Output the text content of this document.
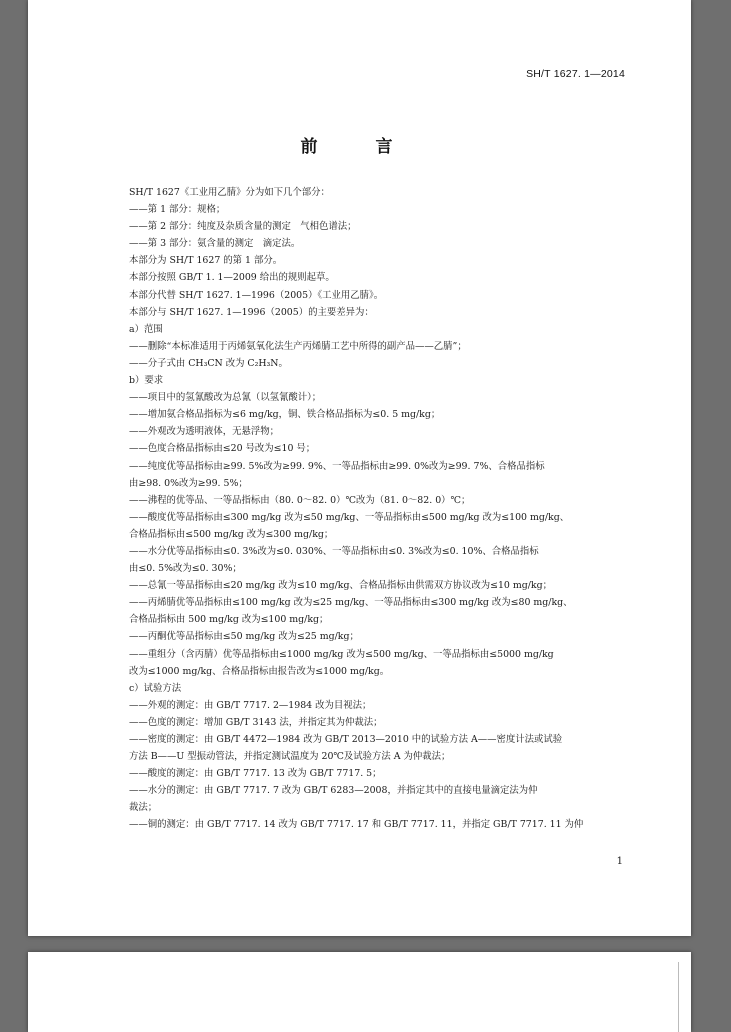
SH/T 1627. 1—2014
前 言
SH/T 1627《工业用乙腈》分为如下几个部分：
——第 1 部分：规格；
——第 2 部分：纯度及杂质含量的测定　气相色谱法；
——第 3 部分：氨含量的测定　滴定法。
本部分为 SH/T 1627 的第 1 部分。
本部分按照 GB/T 1. 1—2009 给出的规则起草。
本部分代替 SH/T 1627. 1—1996（2005）《工业用乙腈》。
本部分与 SH/T 1627. 1—1996（2005）的主要差异为：
a）范围
——删除“本标准适用于丙烯氨氧化法生产丙烯腈工艺中所得的副产品——乙腈”；
——分子式由 CH₃CN 改为 C₂H₃N。
b）要求
——项目中的氢氰酸改为总氰（以氢氰酸计）；
——增加氨合格品指标为≤6 mg/kg，铜、铁合格品指标为≤0. 5 mg/kg；
——外观改为透明液体，无悬浮物；
——色度合格品指标由≤20 号改为≤10 号；
——纯度优等品指标由≥99. 5%改为≥99. 9%、一等品指标由≥99. 0%改为≥99. 7%、合格品指标
由≥98. 0%改为≥99. 5%；
——沸程的优等品、一等品指标由（80. 0～82. 0）℃改为（81. 0～82. 0）℃；
——酸度优等品指标由≤300 mg/kg 改为≤50 mg/kg、一等品指标由≤500 mg/kg 改为≤100 mg/kg、
合格品指标由≤500 mg/kg 改为≤300 mg/kg；
——水分优等品指标由≤0. 3%改为≤0. 030%、一等品指标由≤0. 3%改为≤0. 10%、合格品指标
由≤0. 5%改为≤0. 30%；
——总氰一等品指标由≤20 mg/kg 改为≤10 mg/kg、合格品指标由供需双方协议改为≤10 mg/kg；
——丙烯腈优等品指标由≤100 mg/kg 改为≤25 mg/kg、一等品指标由≤300 mg/kg 改为≤80 mg/kg、
合格品指标由 500 mg/kg 改为≤100 mg/kg；
——丙酮优等品指标由≤50 mg/kg 改为≤25 mg/kg；
——重组分（含丙腈）优等品指标由≤1000 mg/kg 改为≤500 mg/kg、一等品指标由≤5000 mg/kg
改为≤1000 mg/kg、合格品指标由报告改为≤1000 mg/kg。
c）试验方法
——外观的测定：由 GB/T 7717. 2—1984 改为目视法；
——色度的测定：增加 GB/T 3143 法，并指定其为仲裁法；
——密度的测定：由 GB/T 4472—1984 改为 GB/T 2013—2010 中的试验方法 A——密度计法或试验
方法 B——U 型振动管法，并指定测试温度为 20℃及试验方法 A 为仲裁法；
——酸度的测定：由 GB/T 7717. 13 改为 GB/T 7717. 5；
——水分的测定：由 GB/T 7717. 7 改为 GB/T 6283—2008，并指定其中的直接电量滴定法为仲
裁法；
——铜的测定：由 GB/T 7717. 14 改为 GB/T 7717. 17 和 GB/T 7717. 11，并指定 GB/T 7717. 11 为仲
1
